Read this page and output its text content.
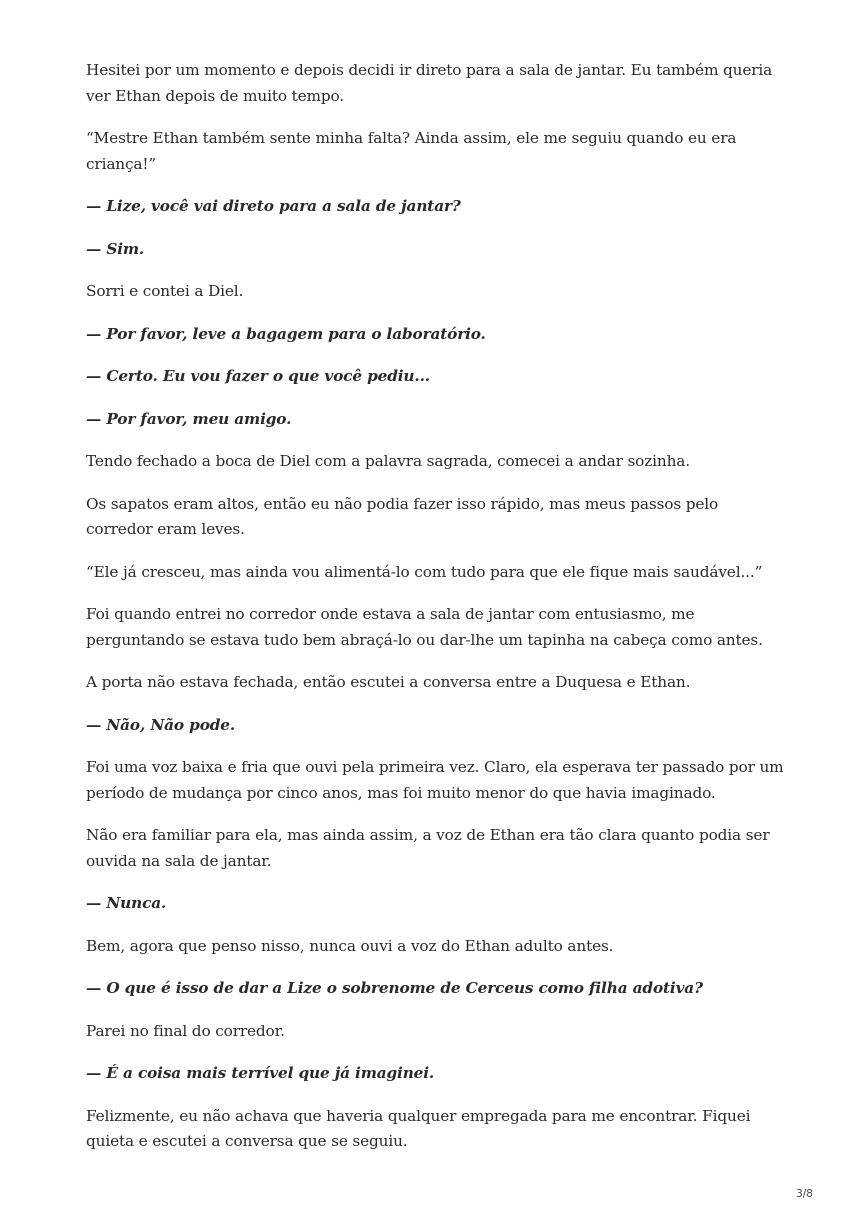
Hesitei por um momento e depois decidi ir direto para a sala de jantar. Eu também queria ver Ethan depois de muito tempo.

“Mestre Ethan também sente minha falta? Ainda assim, ele me seguiu quando eu era criança!”

— Lize, você vai direto para a sala de jantar?

— Sim.

Sorri e contei a Diel.

— Por favor, leve a bagagem para o laboratório.

— Certo. Eu vou fazer o que você pediu...

— Por favor, meu amigo.

Tendo fechado a boca de Diel com a palavra sagrada, comecei a andar sozinha.

Os sapatos eram altos, então eu não podia fazer isso rápido, mas meus passos pelo corredor eram leves.

“Ele já cresceu, mas ainda vou alimentá-lo com tudo para que ele fique mais saudável...”

Foi quando entrei no corredor onde estava a sala de jantar com entusiasmo, me perguntando se estava tudo bem abraçá-lo ou dar-lhe um tapinha na cabeça como antes.

A porta não estava fechada, então escutei a conversa entre a Duquesa e Ethan.

— Não, Não pode.

Foi uma voz baixa e fria que ouvi pela primeira vez. Claro, ela esperava ter passado por um período de mudança por cinco anos, mas foi muito menor do que havia imaginado.

Não era familiar para ela, mas ainda assim, a voz de Ethan era tão clara quanto podia ser ouvida na sala de jantar.

— Nunca.

Bem, agora que penso nisso, nunca ouvi a voz do Ethan adulto antes.

— O que é isso de dar a Lize o sobrenome de Cerceus como filha adotiva?

Parei no final do corredor.

— É a coisa mais terrível que já imaginei.

Felizmente, eu não achava que haveria qualquer empregada para me encontrar. Fiquei quieta e escutei a conversa que se seguiu.

3/8
